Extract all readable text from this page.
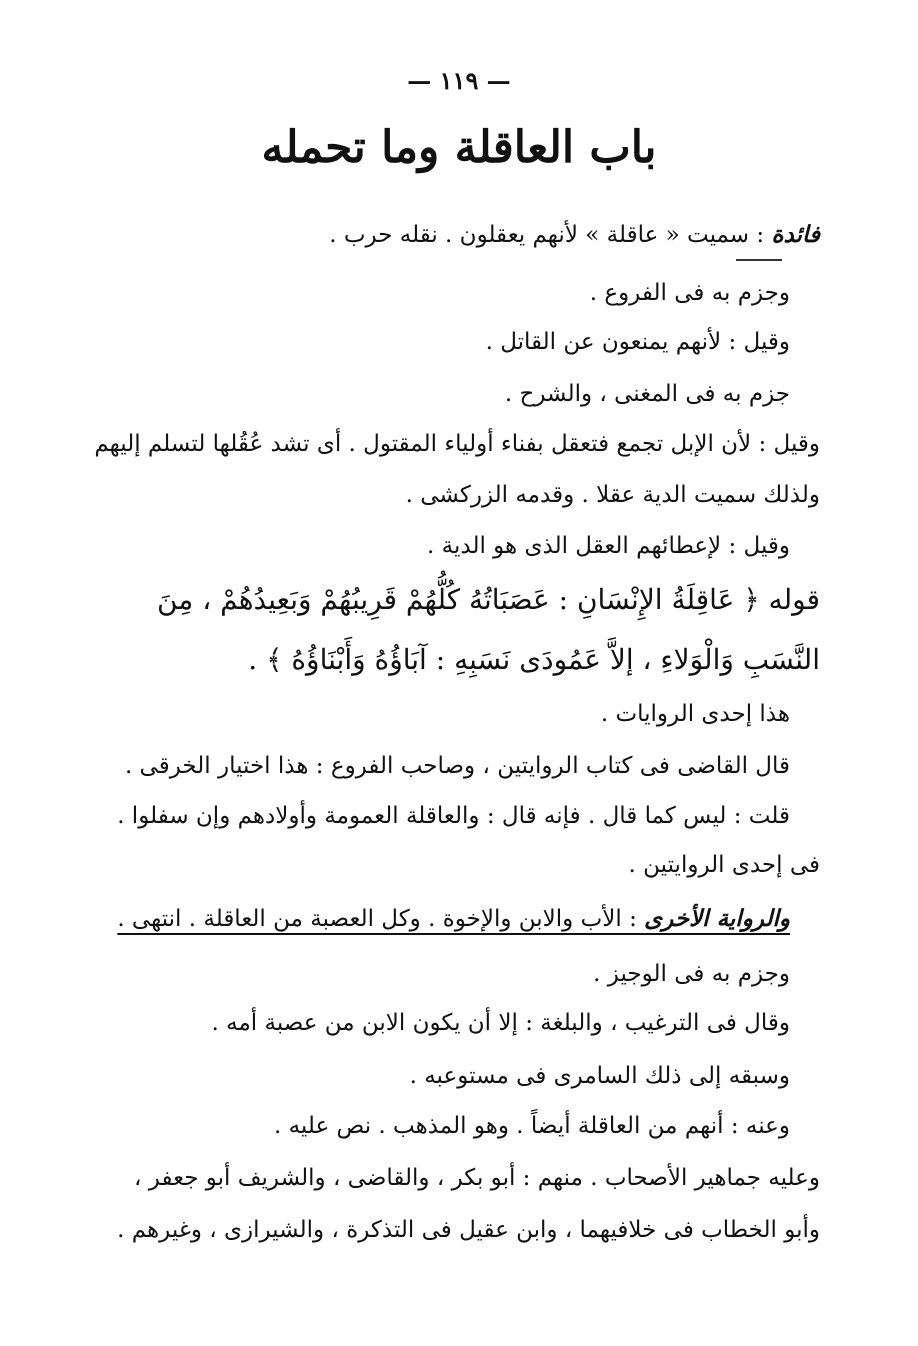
— ١١٩ —
باب العاقلة وما تحمله
فائدة : سميت « عاقلة » لأنهم يعقلون . نقله حرب .
وجزم به فى الفروع .
وقيل : لأنهم يمنعون عن القاتل .
جزم به فى المغنى ، والشرح .
وقيل : لأن الإبل تجمع فتعقل بفناء أولياء المقتول . أى تشد عُقُلها لتسلم إليهم
ولذلك سميت الدية عقلا . وقدمه الزركشى .
وقيل : لإعطائهم العقل الذى هو الدية .
قوله ﴿ عَاقِلَةُ الإِنْسَانِ : عَصَبَاتُهُ كُلُّهُمْ قَرِيبُهُمْ وَبَعِيدُهُمْ ، مِنَ
النَّسَبِ وَالْوَلاءِ ، إلاَّ عَمُودَى نَسَبِهِ : آبَاؤُهُ وَأَبْنَاؤُهُ ﴾ .
هذا إحدى الروايات .
قال القاضى فى كتاب الروايتين ، وصاحب الفروع : هذا اختيار الخرقى .
قلت : ليس كما قال . فإنه قال : والعاقلة العمومة وأولادهم وإن سفلوا .
فى إحدى الروايتين .
والرواية الأخرى : الأب والابن والإخوة . وكل العصبة من العاقلة . انتهى .
وجزم به فى الوجيز .
وقال فى الترغيب ، والبلغة : إلا أن يكون الابن من عصبة أمه .
وسبقه إلى ذلك السامرى فى مستوعبه .
وعنه : أنهم من العاقلة أيضاً . وهو المذهب . نص عليه .
وعليه جماهير الأصحاب . منهم : أبو بكر ، والقاضى ، والشريف أبو جعفر ،
وأبو الخطاب فى خلافيهما ، وابن عقيل فى التذكرة ، والشيرازى ، وغيرهم .
